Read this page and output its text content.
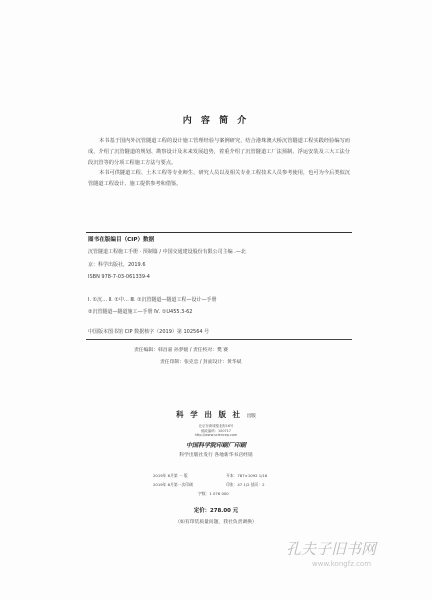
内 容 简 介

本书基于国内外沉管隧道工程的设计施工管理经验与案例研究，结合港珠澳大桥沉管隧道工程实践经验编写而成，介绍了沉管隧道的规划、勘察设计及未来发展趋势，着重介绍了沉管隧道工厂法预制、浮运安装及三大工法分段沉管等的分项工程施工方法与要点。

本书可供隧道工程、土木工程等专业师生、研究人员以及相关专业工程技术人员参考使用，也可为今后类似沉管隧道工程设计、施工提供参考和借鉴。

图书在版编目（CIP）数据
沉管隧道工程施工手册 · 预制篇 / 中国交通建设股份有限公司主编 .—北
京：科学出版社，2019.6
ISBN 978-7-03-061339-4
Ⅰ. ①沉… Ⅱ. ①中… Ⅲ. ①沉管隧道—隧道工程—设计—手册
②沉管隧道—隧道施工—手册 Ⅳ. ①U455.3-62
中国版本图书馆 CIP 数据核字（2019）第 102564 号
责任编辑：韩昌嘉 孙梦媛 / 责任校对：樊 赛
责任印制：张克忠 / 封面设计：黄华斌
科 学 出 版 社 出版
北京东黄城根北街16号
邮政编码：100717
http://www.sciencep.com
中国科学院印刷厂印刷
科学出版社发行 各地新华书店经销
2019年 6月第 一 版	开本：787×1092 1/16
2019年 6月第一次印刷	印张：47 1/2 插页：2
字数：1 076 000
定价：278.00 元
（如有印装质量问题，我社负责调换）
孔夫子旧书网
www.kongfz.com
